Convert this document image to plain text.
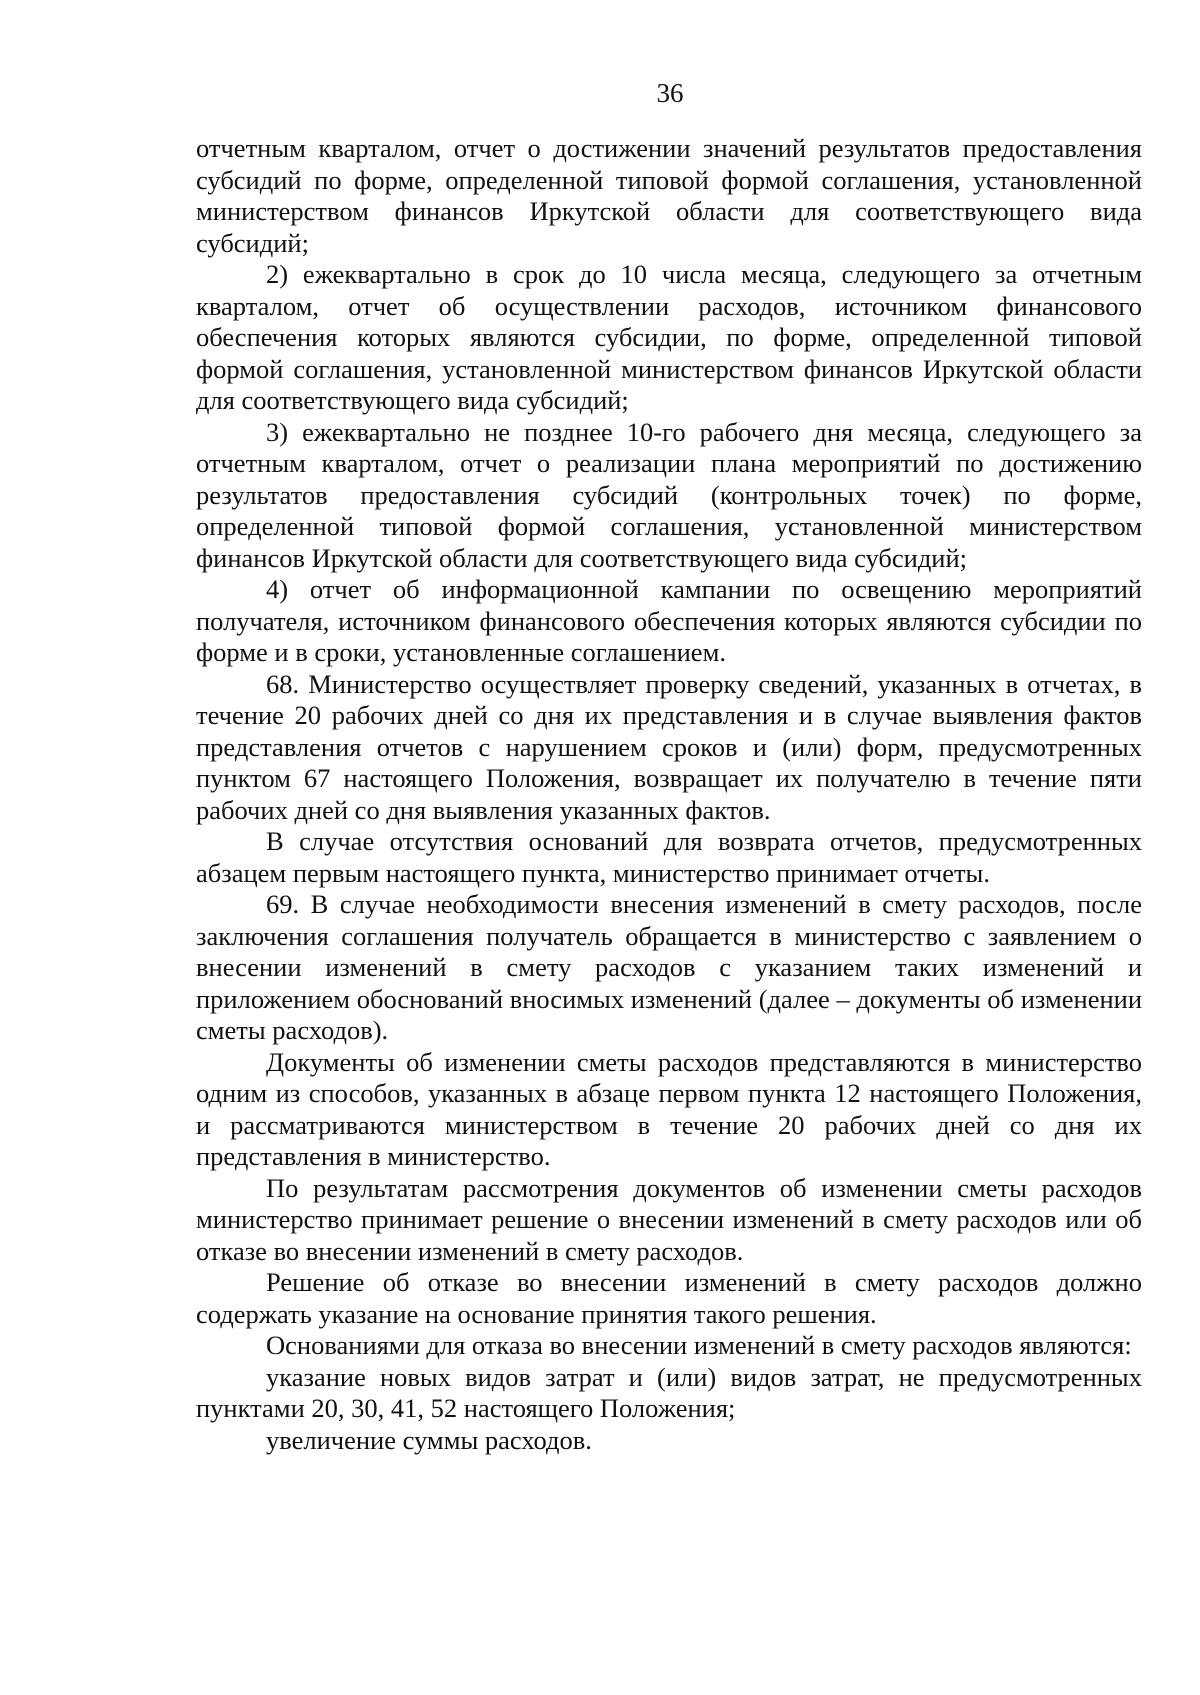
36

отчетным кварталом, отчет о достижении значений результатов предоставления субсидий по форме, определенной типовой формой соглашения, установленной министерством финансов Иркутской области для соответствующего вида субсидий;

2) ежеквартально в срок до 10 числа месяца, следующего за отчетным кварталом, отчет об осуществлении расходов, источником финансового обеспечения которых являются субсидии, по форме, определенной типовой формой соглашения, установленной министерством финансов Иркутской области для соответствующего вида субсидий;

3) ежеквартально не позднее 10-го рабочего дня месяца, следующего за отчетным кварталом, отчет о реализации плана мероприятий по достижению результатов предоставления субсидий (контрольных точек) по форме, определенной типовой формой соглашения, установленной министерством финансов Иркутской области для соответствующего вида субсидий;

4) отчет об информационной кампании по освещению мероприятий получателя, источником финансового обеспечения которых являются субсидии по форме и в сроки, установленные соглашением.

68. Министерство осуществляет проверку сведений, указанных в отчетах, в течение 20 рабочих дней со дня их представления и в случае выявления фактов представления отчетов с нарушением сроков и (или) форм, предусмотренных пунктом 67 настоящего Положения, возвращает их получателю в течение пяти рабочих дней со дня выявления указанных фактов.

В случае отсутствия оснований для возврата отчетов, предусмотренных абзацем первым настоящего пункта, министерство принимает отчеты.

69. В случае необходимости внесения изменений в смету расходов, после заключения соглашения получатель обращается в министерство с заявлением о внесении изменений в смету расходов с указанием таких изменений и приложением обоснований вносимых изменений (далее – документы об изменении сметы расходов).

Документы об изменении сметы расходов представляются в министерство одним из способов, указанных в абзаце первом пункта 12 настоящего Положения, и рассматриваются министерством в течение 20 рабочих дней со дня их представления в министерство.

По результатам рассмотрения документов об изменении сметы расходов министерство принимает решение о внесении изменений в смету расходов или об отказе во внесении изменений в смету расходов.

Решение об отказе во внесении изменений в смету расходов должно содержать указание на основание принятия такого решения.

Основаниями для отказа во внесении изменений в смету расходов являются:

указание новых видов затрат и (или) видов затрат, не предусмотренных пунктами 20, 30, 41, 52 настоящего Положения;

увеличение суммы расходов.
